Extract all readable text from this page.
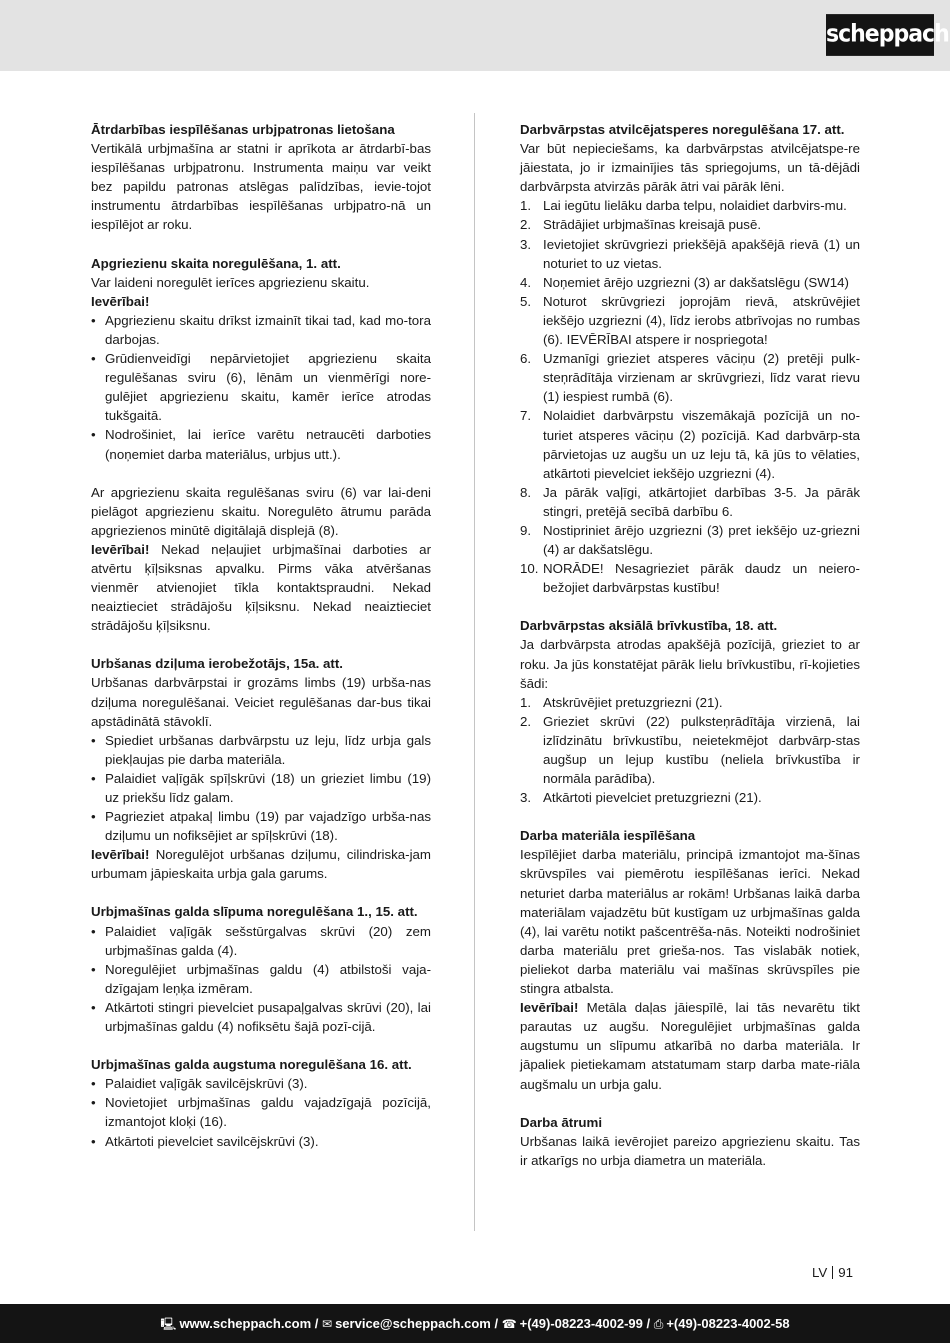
scheppach
Ātrdarbības iespīlēšanas urbjpatronas lietošana

Vertikālā urbjmašīna ar statni ir aprīkota ar ātrdarbī-bas iespīlēšanas urbjpatronu. Instrumenta maiņu var veikt bez papildu patronas atslēgas palīdzības, ievie-tojot instrumentu ātrdarbības iespīlēšanas urbjpatro-nā un iespīlējot ar roku.

Apgriezienu skaita noregulēšana, 1. att.

Var laideni noregulēt ierīces apgriezienu skaitu.

Ievērībai!

• Apgriezienu skaitu drīkst izmainīt tikai tad, kad mo-tora darbojas.
• Grūdienveidīgi nepārvietojiet apgriezienu skaita regulēšanas sviru (6), lēnām un vienmērīgi nore-gulējiet apgriezienu skaitu, kamēr ierīce atrodas tukšgaitā.
• Nodrošiniet, lai ierīce varētu netraucēti darboties (noņemiet darba materiālus, urbjus utt.).

Ar apgriezienu skaita regulēšanas sviru (6) var lai-deni pielāgot apgriezienu skaitu. Noregulēto ātrumu parāda apgriezienos minūtē digitālajā displejā (8).

Ievērībai! Nekad neļaujiet urbjmašīnai darboties ar atvērtu ķīļsiksnas apvalku. Pirms vāka atvēršanas vienmēr atvienojiet tīkla kontaktspraudni. Nekad neaiztieciet strādājošu ķīļsiksnu. Nekad neaiztieciet strādājošu ķīļsiksnu.

Urbšanas dziļuma ierobežotājs, 15a. att.

Urbšanas darbvārpstai ir grozāms limbs (19) urbša-nas dziļuma noregulēšanai. Veiciet regulēšanas dar-bus tikai apstādinātā stāvoklī.

• Spiediet urbšanas darbvārpstu uz leju, līdz urbja gals piekļaujas pie darba materiāla.
• Palaidiet vaļīgāk spīļskrūvi (18) un grieziet limbu (19) uz priekšu līdz galam.
• Pagrieziet atpakaļ limbu (19) par vajadzīgo urbša-nas dziļumu un nofiksējiet ar spīļskrūvi (18).

Ievērībai! Noregulējot urbšanas dziļumu, cilindriska-jam urbumam jāpieskaita urbja gala garums.

Urbjmašīnas galda slīpuma noregulēšana 1., 15. att.
• Palaidiet vaļīgāk sešstūrgalvas skrūvi (20) zem urbjmašīnas galda (4).
• Noregulējiet urbjmašīnas galdu (4) atbilstoši vaja-dzīgajam leņķa izmēram.
• Atkārtoti stingri pievelciet pusapaļgalvas skrūvi (20), lai urbjmašīnas galdu (4) nofiksētu šajā pozī-cijā.
Urbjmašīnas galda augstuma noregulēšana 16. att.
• Palaidiet vaļīgāk savilcējskrūvi (3).
• Novietojiet urbjmašīnas galdu vajadzīgajā pozīcijā, izmantojot kloķi (16).
• Atkārtoti pievelciet savilcējskrūvi (3).
Darbvārpstas atvilcējatsperes noregulēšana 17. att.

Var būt nepieciešams, ka darbvārpstas atvilcējatspe-re jāiestata, jo ir izmainījies tās spriegojums, un tā-dējādi darbvārpsta atvirzās pārāk ātri vai pārāk lēni.

1. Lai iegūtu lielāku darba telpu, nolaidiet darbvirs-mu.
2. Strādājiet urbjmašīnas kreisajā pusē.
3. Ievietojiet skrūvgriezi priekšējā apakšējā rievā (1) un noturiet to uz vietas.
4. Noņemiet ārējo uzgriezni (3) ar dakšatslēgu (SW14)
5. Noturot skrūvgriezi joprojām rievā, atskrūvējiet iekšējo uzgriezni (4), līdz ierobs atbrīvojas no rumbas (6). IEVĒRĪBAI atspere ir nospriegota!
6. Uzmanīgi grieziet atsperes vāciņu (2) pretēji pulk-steņrādītāja virzienam ar skrūvgriezi, līdz varat rievu (1) iespiest rumbā (6).
7. Nolaidiet darbvārpstu viszemākajā pozīcijā un no-turiet atsperes vāciņu (2) pozīcijā. Kad darbvārp-sta pārvietojas uz augšu un uz leju tā, kā jūs to vēlaties, atkārtoti pievelciet iekšējo uzgriezni (4).
8. Ja pārāk vaļīgi, atkārtojiet darbības 3-5. Ja pārāk stingri, pretējā secībā darbību 6.
9. Nostipriniet ārējo uzgriezni (3) pret iekšējo uz-griezni (4) ar dakšatslēgu.
10. NORĀDE! Nesagrieziet pārāk daudz un neiero-bežojiet darbvārpstas kustību!
Darbvārpstas aksiālā brīvkustība, 18. att.

Ja darbvārpsta atrodas apakšējā pozīcijā, grieziet to ar roku. Ja jūs konstatējat pārāk lielu brīvkustību, rī-kojieties šādi:

1. Atskrūvējiet pretuzgriezni (21).
2. Grieziet skrūvi (22) pulksteņrādītāja virzienā, lai izlīdzinātu brīvkustību, neietekmējot darbvārp-stas augšup un lejup kustību (neliela brīvkustība ir normāla parādība).
3. Atkārtoti pievelciet pretuzgriezni (21).
Darba materiāla iespīlēšana

Iespīlējiet darba materiālu, principā izmantojot ma-šīnas skrūvspīles vai piemērotu iespīlēšanas ierīci. Nekad neturiet darba materiālus ar rokām! Urbšanas laikā darba materiālam vajadzētu būt kustīgam uz urbjmašīnas galda (4), lai varētu notikt pašcentrēša-nās. Noteikti nodrošiniet darba materiālu pret grieša-nos. Tas vislabāk notiek, pieliekot darba materiālu vai mašīnas skrūvspīles pie stingra atbalsta.

Ievērībai! Metāla daļas jāiespīlē, lai tās nevarētu tikt parautas uz augšu. Noregulējiet urbjmašīnas galda augstumu un slīpumu atkarībā no darba materiāla. Ir jāpaliek pietiekamam atstatumam starp darba mate-riāla augšmalu un urbja galu.

Darba ātrumi

Urbšanas laikā ievērojiet pareizo apgriezienu skaitu. Tas ir atkarīgs no urbja diametra un materiāla.

LV 91
🖳 www.scheppach.com / ✉ service@scheppach.com / ☎ +(49)-08223-4002-99 / ⎙ +(49)-08223-4002-58
